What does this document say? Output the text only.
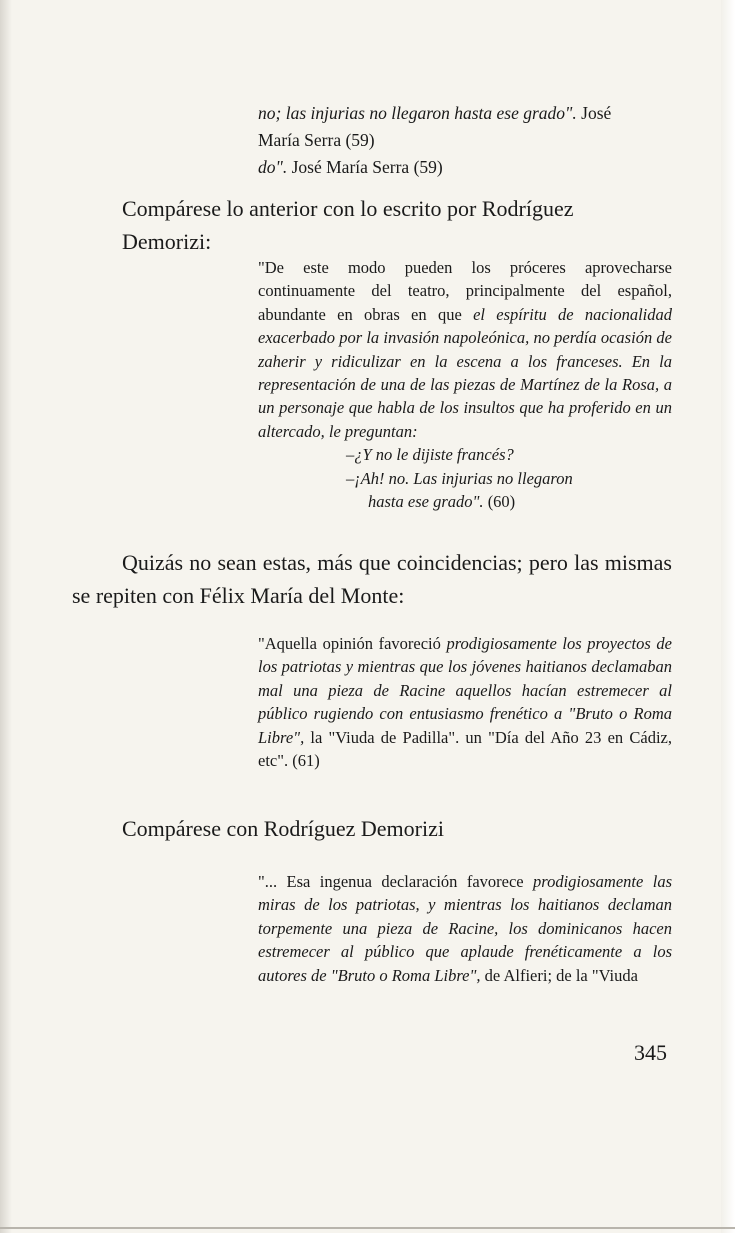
no; las injurias no llegaron hasta ese grado". José

María Serra (59)

do". José María Serra (59)

Compárese lo anterior con lo escrito por Rodríguez Demorizi:

"De este modo pueden los próceres aprovecharse continuamente del teatro, principalmente del español, abundante en obras en que el espíritu de nacionalidad exacerbado por la invasión napoleónica, no perdía ocasión de zaherir y ridiculizar en la escena a los franceses. En la representación de una de las piezas de Martínez de la Rosa, a un personaje que habla de los insultos que ha proferido en un altercado, le preguntan:

–¿Y no le dijiste francés?

–¡Ah! no. Las injurias no llegaron

hasta ese grado". (60)

Quizás no sean estas, más que coincidencias; pero las mismas se repiten con Félix María del Monte:

"Aquella opinión favoreció prodigiosamente los proyectos de los patriotas y mientras que los jóvenes haitianos declamaban mal una pieza de Racine aquellos hacían estremecer al público rugiendo con entusiasmo frenético a "Bruto o Roma Libre", la "Viuda de Padilla". un "Día del Año 23 en Cádiz, etc". (61)

Compárese con Rodríguez Demorizi

"... Esa ingenua declaración favorece prodigiosamente las miras de los patriotas, y mientras los haitianos declaman torpemente una pieza de Racine, los dominicanos hacen estremecer al público que aplaude frenéticamente a los autores de "Bruto o Roma Libre", de Alfieri; de la "Viuda

345
